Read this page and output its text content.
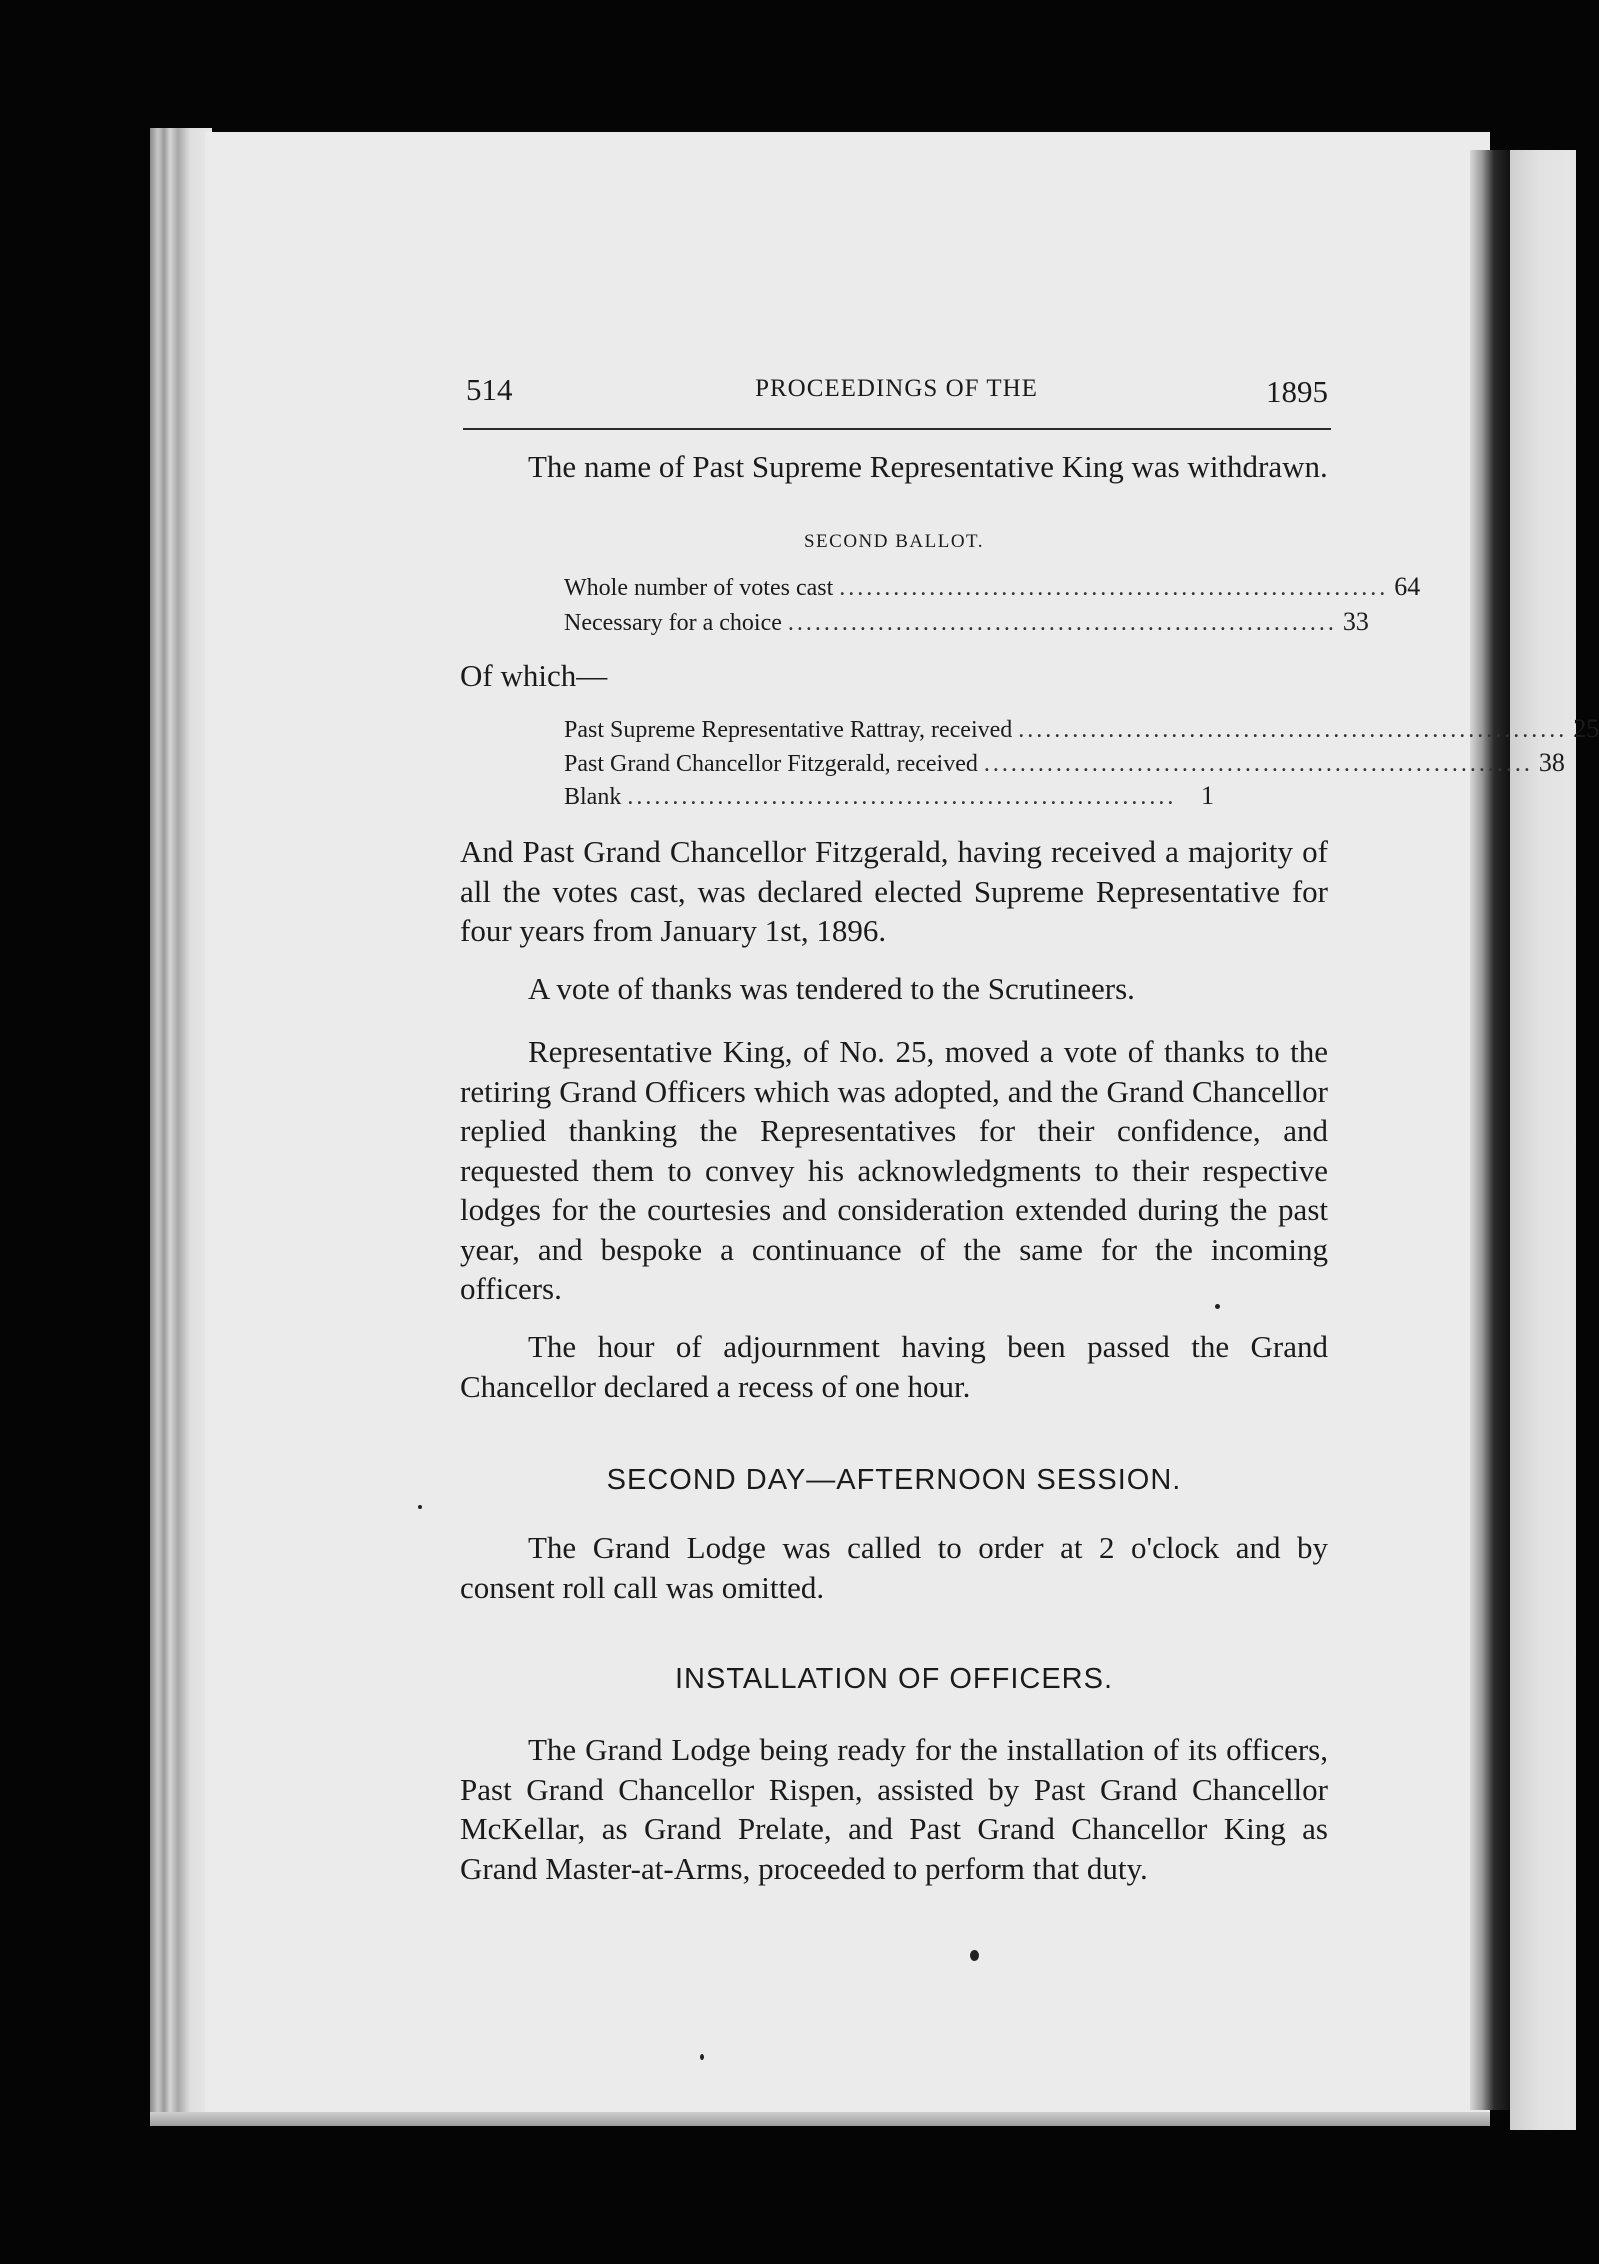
514	PROCEEDINGS OF THE	1895

The name of Past Supreme Representative King was withdrawn.

SECOND BALLOT.
Whole number of votes cast ............................................................. 64
Necessary for a choice ............................................................. 33

Of which—

Past Supreme Representative Rattray, received ............................................................. 25
Past Grand Chancellor Fitzgerald, received ............................................................. 38
Blank ............................................................. 1

And Past Grand Chancellor Fitzgerald, having received a majority of all the votes cast, was declared elected Supreme Representative for four years from January 1st, 1896.

A vote of thanks was tendered to the Scrutineers.

Representative King, of No. 25, moved a vote of thanks to the retiring Grand Officers which was adopted, and the Grand Chancellor replied thanking the Representatives for their confidence, and requested them to convey his acknowledgments to their respective lodges for the courtesies and consideration extended during the past year, and bespoke a continuance of the same for the incoming officers.

The hour of adjournment having been passed the Grand Chancellor declared a recess of one hour.

SECOND DAY—AFTERNOON SESSION.

The Grand Lodge was called to order at 2 o'clock and by consent roll call was omitted.

INSTALLATION OF OFFICERS.

The Grand Lodge being ready for the installation of its officers, Past Grand Chancellor Rispen, assisted by Past Grand Chancellor McKellar, as Grand Prelate, and Past Grand Chancellor King as Grand Master-at-Arms, proceeded to perform that duty.
